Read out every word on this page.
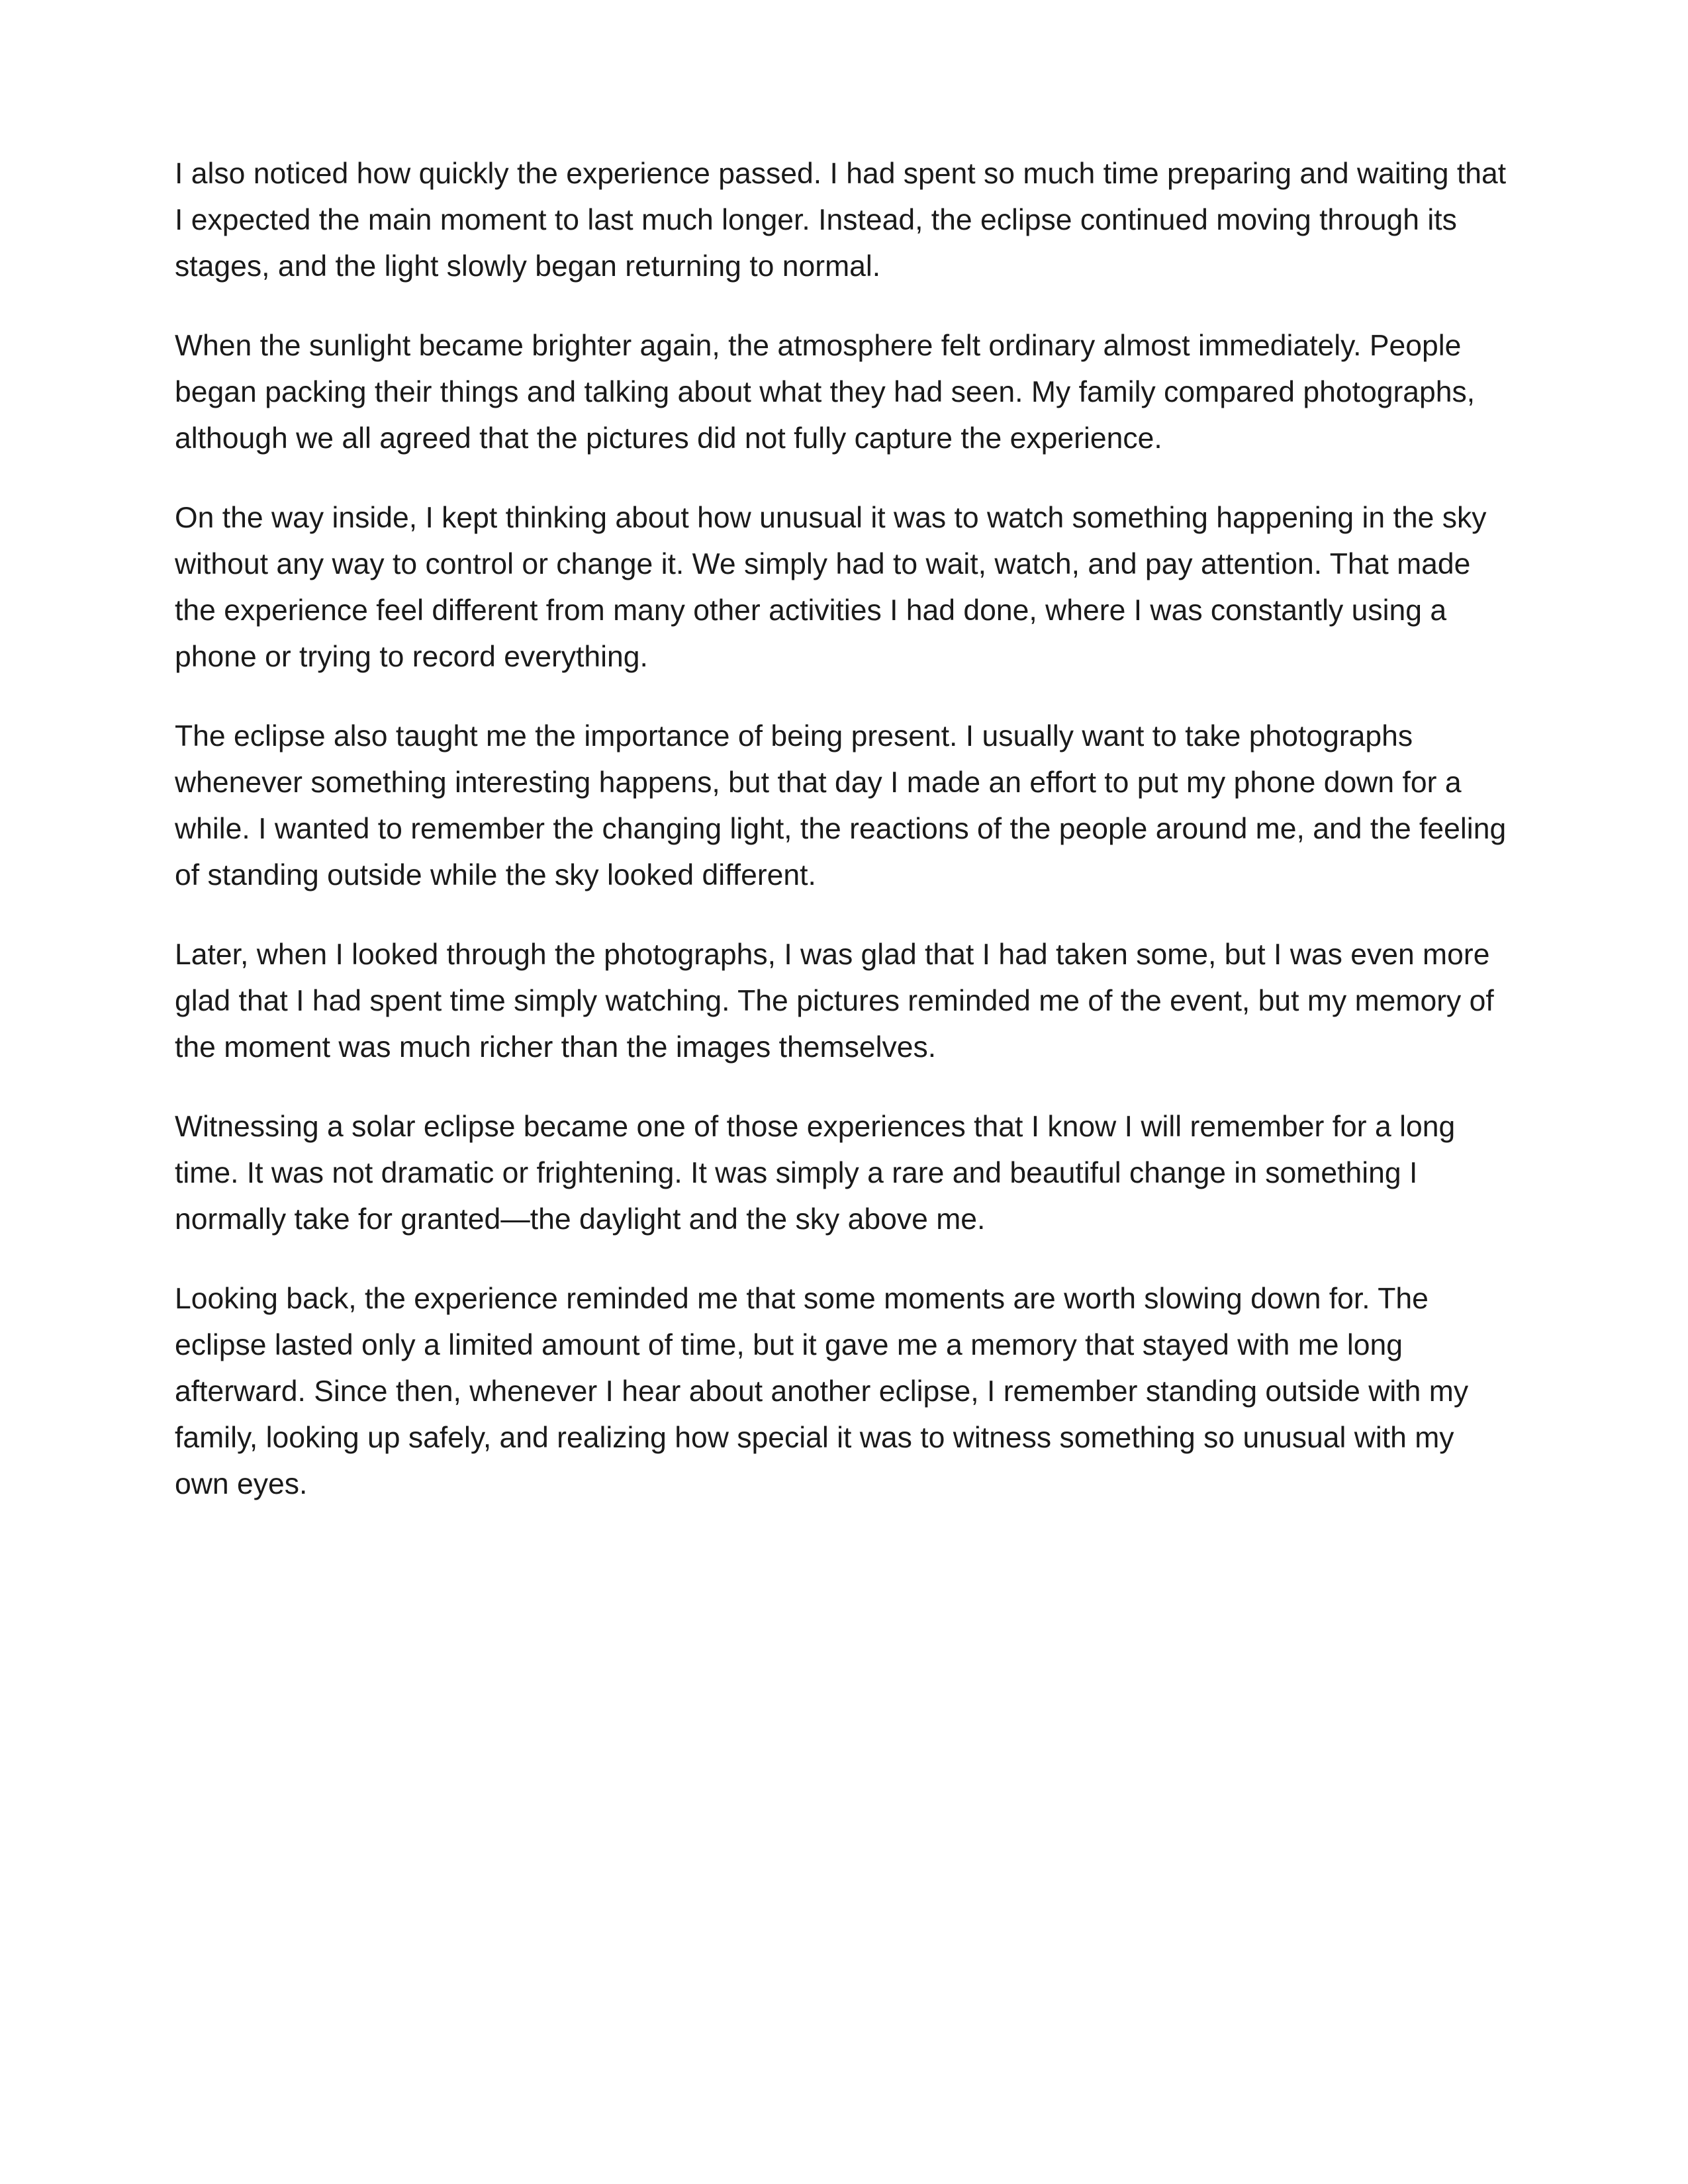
I also noticed how quickly the experience passed. I had spent so much time preparing and waiting that I expected the main moment to last much longer. Instead, the eclipse continued moving through its stages, and the light slowly began returning to normal.

When the sunlight became brighter again, the atmosphere felt ordinary almost immediately. People began packing their things and talking about what they had seen. My family compared photographs, although we all agreed that the pictures did not fully capture the experience.

On the way inside, I kept thinking about how unusual it was to watch something happening in the sky without any way to control or change it. We simply had to wait, watch, and pay attention. That made the experience feel different from many other activities I had done, where I was constantly using a phone or trying to record everything.

The eclipse also taught me the importance of being present. I usually want to take photographs whenever something interesting happens, but that day I made an effort to put my phone down for a while. I wanted to remember the changing light, the reactions of the people around me, and the feeling of standing outside while the sky looked different.

Later, when I looked through the photographs, I was glad that I had taken some, but I was even more glad that I had spent time simply watching. The pictures reminded me of the event, but my memory of the moment was much richer than the images themselves.

Witnessing a solar eclipse became one of those experiences that I know I will remember for a long time. It was not dramatic or frightening. It was simply a rare and beautiful change in something I normally take for granted—the daylight and the sky above me.

Looking back, the experience reminded me that some moments are worth slowing down for. The eclipse lasted only a limited amount of time, but it gave me a memory that stayed with me long afterward. Since then, whenever I hear about another eclipse, I remember standing outside with my family, looking up safely, and realizing how special it was to witness something so unusual with my own eyes.
